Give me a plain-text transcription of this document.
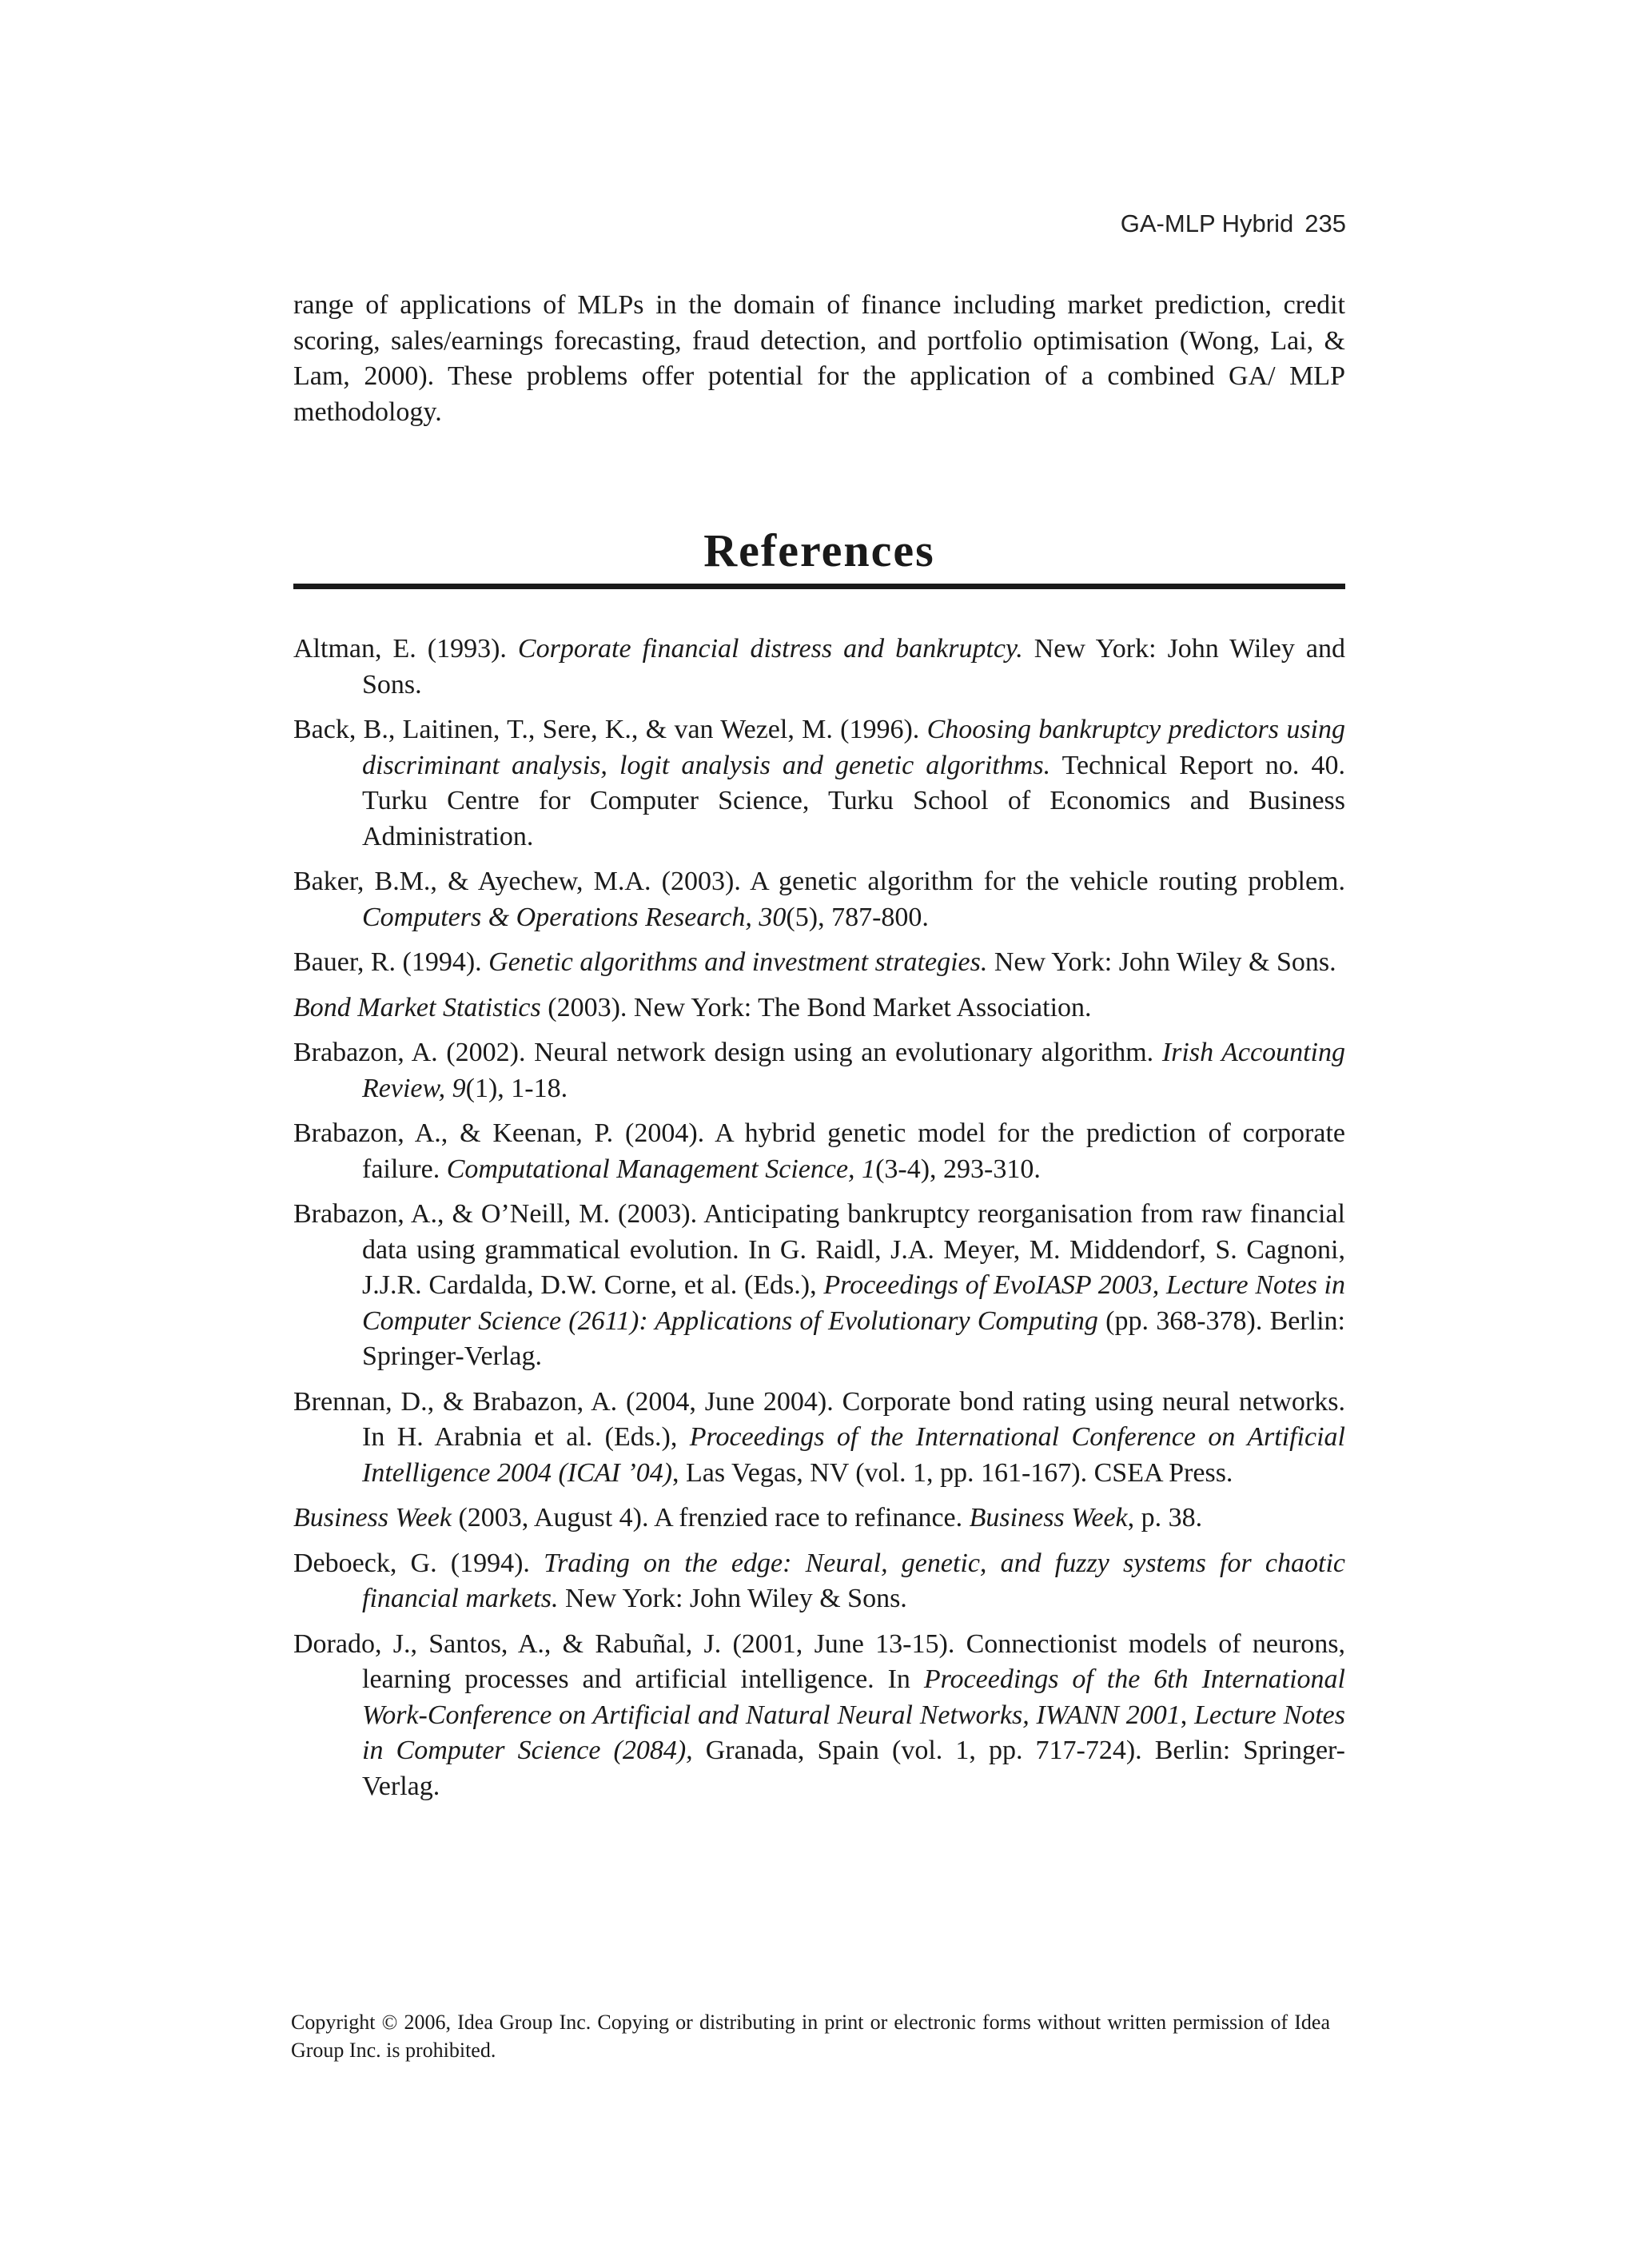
GA-MLP Hybrid 235

range of applications of MLPs in the domain of finance including market prediction, credit scoring, sales/earnings forecasting, fraud detection, and portfolio optimisation (Wong, Lai, & Lam, 2000). These problems offer potential for the application of a combined GA/ MLP methodology.

References
Altman, E. (1993). Corporate financial distress and bankruptcy. New York: John Wiley and Sons.
Back, B., Laitinen, T., Sere, K., & van Wezel, M. (1996). Choosing bankruptcy predictors using discriminant analysis, logit analysis and genetic algorithms. Technical Report no. 40. Turku Centre for Computer Science, Turku School of Economics and Business Administration.
Baker, B.M., & Ayechew, M.A. (2003). A genetic algorithm for the vehicle routing problem. Computers & Operations Research, 30(5), 787-800.
Bauer, R. (1994). Genetic algorithms and investment strategies. New York: John Wiley & Sons.
Bond Market Statistics (2003). New York: The Bond Market Association.
Brabazon, A. (2002). Neural network design using an evolutionary algorithm. Irish Accounting Review, 9(1), 1-18.
Brabazon, A., & Keenan, P. (2004). A hybrid genetic model for the prediction of corporate failure. Computational Management Science, 1(3-4), 293-310.
Brabazon, A., & O’Neill, M. (2003). Anticipating bankruptcy reorganisation from raw financial data using grammatical evolution. In G. Raidl, J.A. Meyer, M. Middendorf, S. Cagnoni, J.J.R. Cardalda, D.W. Corne, et al. (Eds.), Proceedings of EvoIASP 2003, Lecture Notes in Computer Science (2611): Applications of Evolutionary Computing (pp. 368-378). Berlin: Springer-Verlag.
Brennan, D., & Brabazon, A. (2004, June 2004). Corporate bond rating using neural networks. In H. Arabnia et al. (Eds.), Proceedings of the International Conference on Artificial Intelligence 2004 (ICAI ’04), Las Vegas, NV (vol. 1, pp. 161-167). CSEA Press.
Business Week (2003, August 4). A frenzied race to refinance. Business Week, p. 38.
Deboeck, G. (1994). Trading on the edge: Neural, genetic, and fuzzy systems for chaotic financial markets. New York: John Wiley & Sons.
Dorado, J., Santos, A., & Rabuñal, J. (2001, June 13-15). Connectionist models of neurons, learning processes and artificial intelligence. In Proceedings of the 6th International Work-Conference on Artificial and Natural Neural Networks, IWANN 2001, Lecture Notes in Computer Science (2084), Granada, Spain (vol. 1, pp. 717-724). Berlin: Springer-Verlag.

Copyright © 2006, Idea Group Inc. Copying or distributing in print or electronic forms without written permission of Idea Group Inc. is prohibited.
